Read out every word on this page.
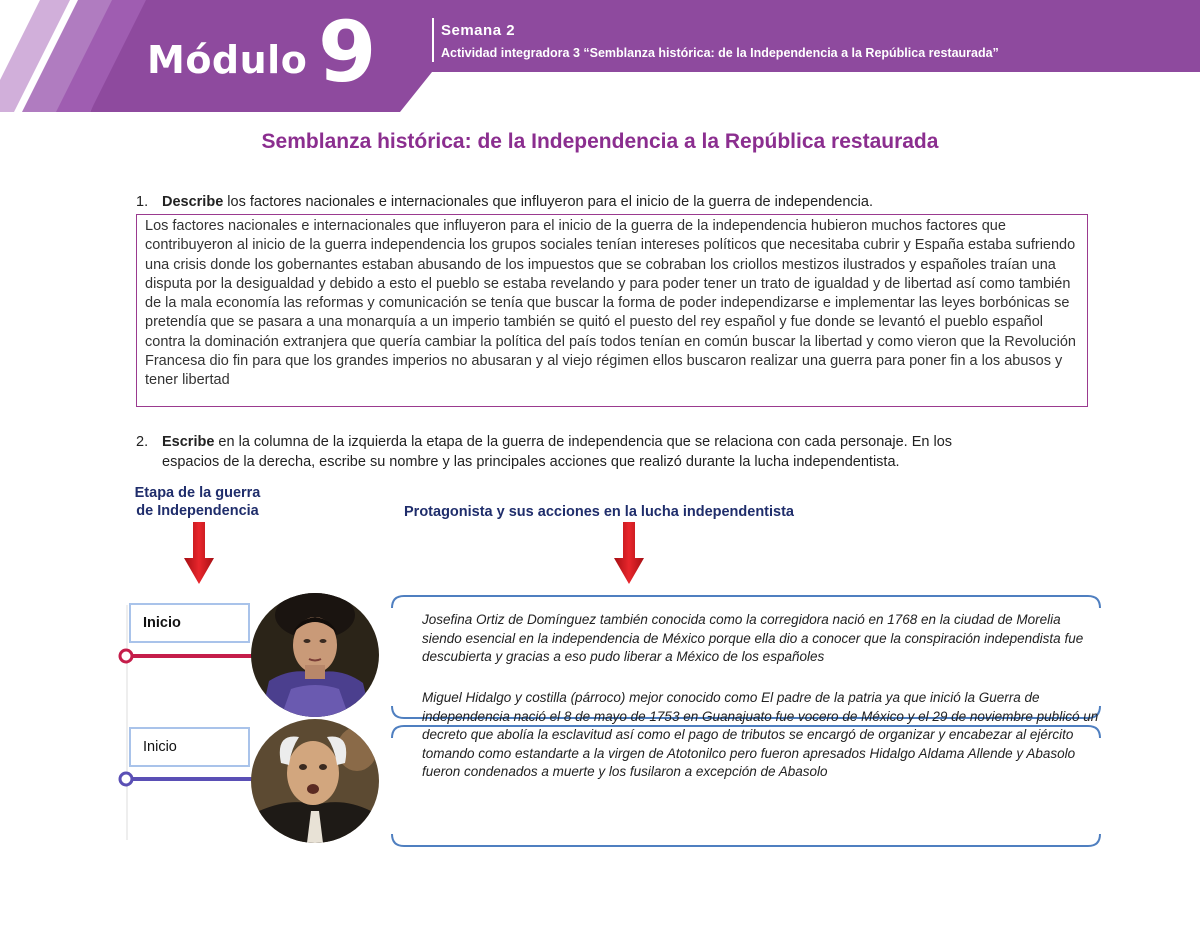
Módulo 9	Semana 2
Actividad integradora 3 “Semblanza histórica: de la Independencia a la República restaurada”
Semblanza histórica: de la Independencia a la República restaurada
1. Describe los factores nacionales e internacionales que influyeron para el inicio de la guerra de independencia.
Los factores nacionales e internacionales que influyeron para el inicio de la guerra de la independencia hubieron muchos factores que contribuyeron al inicio de la guerra independencia los grupos sociales tenían intereses políticos que necesitaba cubrir y España estaba sufriendo una crisis donde los gobernantes estaban abusando de los impuestos que se cobraban los criollos mestizos ilustrados y españoles traían una disputa por la desigualdad y debido a esto el pueblo se estaba revelando y para poder tener un trato de igualdad y de libertad así como también de la mala economía las reformas y comunicación se tenía que buscar la forma de poder independizarse e implementar las leyes borbónicas se pretendía que se pasara a una monarquía a un imperio también se quitó el puesto del rey español y fue donde se levantó el pueblo español contra la dominación extranjera que quería cambiar la política del país todos tenían en común buscar la libertad y como vieron que la Revolución Francesa dio fin para que los grandes imperios no abusaran y al viejo régimen ellos buscaron realizar una guerra para poner fin a los abusos y tener libertad
2. Escribe en la columna de la izquierda la etapa de la guerra de independencia que se relaciona con cada personaje. En los
espacios de la derecha, escribe su nombre y las principales acciones que realizó durante la lucha independentista.
Etapa de la guerra
de Independencia	Protagonista y sus acciones en la lucha independentista
Inicio
Inicio
Josefina Ortiz de Domínguez también conocida como la corregidora nació en 1768 en la ciudad de Morelia siendo esencial en la independencia de México porque ella dio a conocer que la conspiración independista fue descubierta y gracias a eso pudo liberar a México de los españoles
Miguel Hidalgo y costilla (párroco) mejor conocido como El padre de la patria ya que inició la Guerra de independencia nació el 8 de mayo de 1753 en Guanajuato fue vocero de México y el 29 de noviembre publicó un decreto que abolía la esclavitud así como el pago de tributos se encargó de organizar y encabezar al ejército tomando como estandarte a la virgen de Atotonilco pero fueron apresados Hidalgo Aldama Allende y Abasolo fueron condenados a muerte y los fusilaron a excepción de Abasolo
